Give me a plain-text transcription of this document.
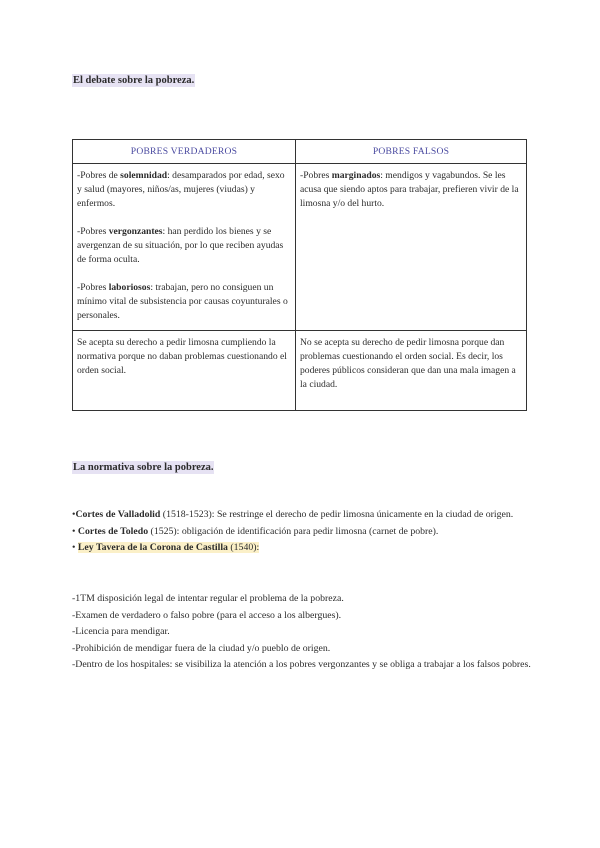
El debate sobre la pobreza.
POBRES VERDADEROS	POBRES FALSOS

-Pobres de solemnidad: desamparados por edad, sexo y salud (mayores, niños/as, mujeres (viudas) y enfermos.

-Pobres vergonzantes: han perdido los bienes y se avergenzan de su situación, por lo que reciben ayudas de forma oculta.

-Pobres laboriosos: trabajan, pero no consiguen un mínimo vital de subsistencia por causas coyunturales o personales.	-Pobres marginados: mendigos y vagabundos. Se les acusa que siendo aptos para trabajar, prefieren vivir de la limosna y/o del hurto.

Se acepta su derecho a pedir limosna cumpliendo la normativa porque no daban problemas cuestionando el orden social.	No se acepta su derecho de pedir limosna porque dan problemas cuestionando el orden social. Es decir, los poderes públicos consideran que dan una mala imagen a la ciudad.
La normativa sobre la pobreza.

•Cortes de Valladolid (1518-1523): Se restringe el derecho de pedir limosna únicamente en la ciudad de origen.

• Cortes de Toledo (1525): obligación de identificación para pedir limosna (carnet de pobre).

• Ley Tavera de la Corona de Castilla (1540):

-1TM disposición legal de intentar regular el problema de la pobreza.

-Examen de verdadero o falso pobre (para el acceso a los albergues).

-Licencia para mendigar.

-Prohibición de mendigar fuera de la ciudad y/o pueblo de origen.

-Dentro de los hospitales: se visibiliza la atención a los pobres vergonzantes y se obliga a trabajar a los falsos pobres.
